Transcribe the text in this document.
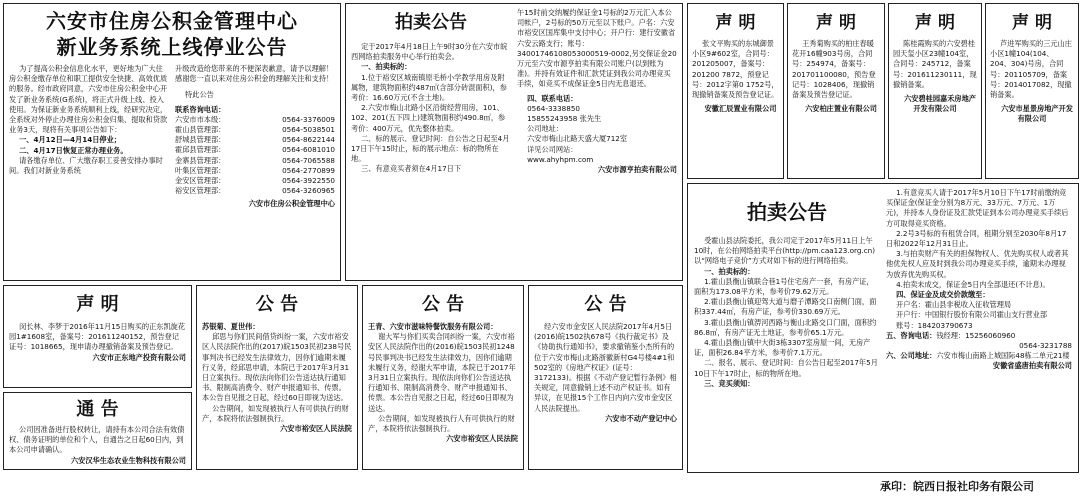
六安市住房公积金管理中心
新业务系统上线停业公告

为了提高公积金信息化水平，更好地为广大住房公积金缴存单位和职工提供安全快捷、高效优质的服务。经市政府同意，六安市住房公积金中心开发了新业务系统(G系统)，将正式升级上线、投入使用。为保证新业务系统顺利上线，经研究决定，全系统对外停止办理住房公积金归集、提取和贷款业务3天，现将有关事项公告如下：

一、4月12日—4月14日停业；

二、4月17日恢复正常办理业务。

请各缴存单位、广大缴存职工妥善安排办事时间。我们对新业务系统

升级改造给您带来的不便深表歉意，请予以理解！感谢您一直以来对住房公积金的理解关注和支持！

特此公告

联系咨询电话：

六安市市本级：	0564-3376009
霍山县管理部：	0564-5038501
舒城县管理部：	0564-8622144
霍邱县管理部：	0564-6081010
金寨县管理部：	0564-7065588
叶集区管理部：	0564-2770899
金安区管理部：	0564-3922550
裕安区管理部：	0564-3260965

六安市住房公积金管理中心

拍卖公告

定于2017年4月18日上午9时30分在六安市皖西网络拍卖服务中心举行拍卖会。

一、拍卖标的：

1.位于裕安区城南镇原毛桥小学教学用房及附属物，建筑物面积约487㎡(含部分砖混面积)，参考价：16.60万元(不含土地)。

2.六安市梅山北路小区沿街经营用房，101、102、201(五下四上)建筑物面积约490.8㎡，参考价：400万元，优先整体拍卖。

二、标的展示、登记时间：自公告之日起至4月17日下午15时止，标的展示地点：标的物所在地。

三、有意竞买者须在4月17日下

午15时前交纳履约保证金1号标的2万元汇入本公司帐户，2号标的50万元至以下账户。户名：六安市裕安区国库集中支付中心；开户行：建行安徽省六安云路支行；账号：34001746108053000519-0002,另交保证金20万元至六安市源亨拍卖有限公司账户(以到账为准)。并持有效证件和汇款凭证到我公司办理竞买手续，如竞买不成保证金5日内无息退还。

四、联系电话：

0564-3338850

15855243958 张先生

公司地址：

六安市梅山北路天盛大厦712室

详见公司网站：

www.ahyhpm.com

六安市源亨拍卖有限公司

声 明

张文平购买的东城御景小区9#602室，合同号：201205007，备案号：201200 7872，预登记号：2012字第0 1752号，现撤销备案及预告登记证。

安徽汇辰置业有限公司

声 明

王秀菊购买的柏庄春暖花开16幢903号房，合同号：254974，备案号：201701100080，预告登记号：1028406，现撤销备案及预告登记证。

六安柏庄置业有限公司

声 明

陈桂霞购买的六安碧桂园天玺小区23幢104室，合同号：245712，备案号：201611230111，现撤销备案。

六安碧桂园嘉禾房地产开发有限公司

声 明

芦进军购买的三元山庄小区1幢104(104、204、304)号房，合同号：201105709，备案号：2014017082，现撤销备案。

六安市星景房地产开发有限公司

拍卖公告

受霍山县法院委托，我公司定于2017年5月11日上午10时，在公拍网络拍卖平台(http://pm.caa123.org.cn)以“网络电子竞价”方式对如下标的进行网络拍卖。

一、拍卖标的：

1.霍山县衡山镇联合巷1号住宅房产一套，有房产证，面积为173.08平方米，参考价79.62万元。

2.霍山县衡山镇迎驾大道与磨子潭路交口南侧门面，面积337.44㎡，有房产证，参考价330.69万元。

3.霍山县衡山镇淠河西路与衡山北路交口门面，面积约86.8㎡，有房产证无土地证，参考价65.1万元。

4.霍山县衡山镇中大街3栋3307室房屋一间，无房产证，面积26.84平方米，参考价7.1万元。

二、报名、展示、登记时间：自公告日起至2017年5月10日下午17时止，标的物所在地。

三、竞买须知：

1.有意竞买人请于2017年5月10日下午17时前缴纳竞买保证金(保证金分别为8万元、33万元、7万元、1万元)，并持本人身份证及汇款凭证到本公司办理竞买手续后方可取得竞买资格。

2.2号3号标的有租赁合同，租期分别至2030年8月17日和2022年12月31日止。

3.与拍卖财产有关的担保物权人、优先购买权人或者其他优先权人应及时到我公司办理竞买手续，逾期未办理视为放弃优先购买权。

4.拍卖未成交，保证金5日内全部退还(不计息)。

四、保证金及成交价款缴至：

开户名：霍山县非税收入征收管理局

开户行：中国银行股份有限公司霍山支行营业部

账号：184203790673

五、咨询电话：钱经理：15256060960

0564-3231788

六、公司地址：六安市梅山南路上城国际48栋二单元21楼

安徽省盛唐拍卖有限公司

声 明

闵长林、李梦于2016年11月15日购买的正东凯旋花园1#1608室，备案号：201611240152，预告登记证号：1018665，现申请办理撤销备案及预告登记。

六安市正东地产投资有限公司

通 告

公司因准备进行股权转让，请持有本公司合法有效债权、债务证明的单位和个人，自通告之日起60日内，到本公司申请确认。

六安汉华生态农业生物科技有限公司

公 告

苏银菊、夏世伟：

邱思与你们民间借贷纠纷一案，六安市裕安区人民法院作出的(2017)皖1503民初238号民事判决书已经发生法律效力，因你们逾期未履行义务，经邱思申请，本院已于2017年3月31日立案执行。现依法向你们公告送达执行通知书、限制高消费令、财产申报通知书、传票。本公告自见报之日起，经过60日即视为送达。

公告期间，如发现被执行人有可供执行的财产，本院将依法强制执行。

六安市裕安区人民法院

公 告

王青、六安市滋味特餐饮服务有限公司：

谢大军与你们买卖合同纠纷一案，六安市裕安区人民法院作出的(2016)皖1503民初1248号民事判决书已经发生法律效力，因你们逾期未履行义务，经谢大军申请，本院已于2017年3月31日立案执行。现依法向你们公告送达执行通知书、限制高消费令、财产申报通知书、传票。本公告自见报之日起，经过60日即视为送达。

公告期间，如发现被执行人有可供执行的财产，本院将依法强制执行。

六安市裕安区人民法院

公 告

经六安市金安区人民法院2017年4月5日(2016)皖1502执678号《执行裁定书》及《协助执行通知书》，要求撤销鉴小杰所有的位于六安市梅山北路浙徽新村G4号楼4#1和502室的《房地产权证》(证号：3172133)。根据《不动产登记暂行条例》相关规定，同意撤销上述不动产权证书。如有异议，在见报15个工作日内向六安市金安区人民法院提出。

六安市不动产登记中心

承印：皖西日报社印务有限公司
